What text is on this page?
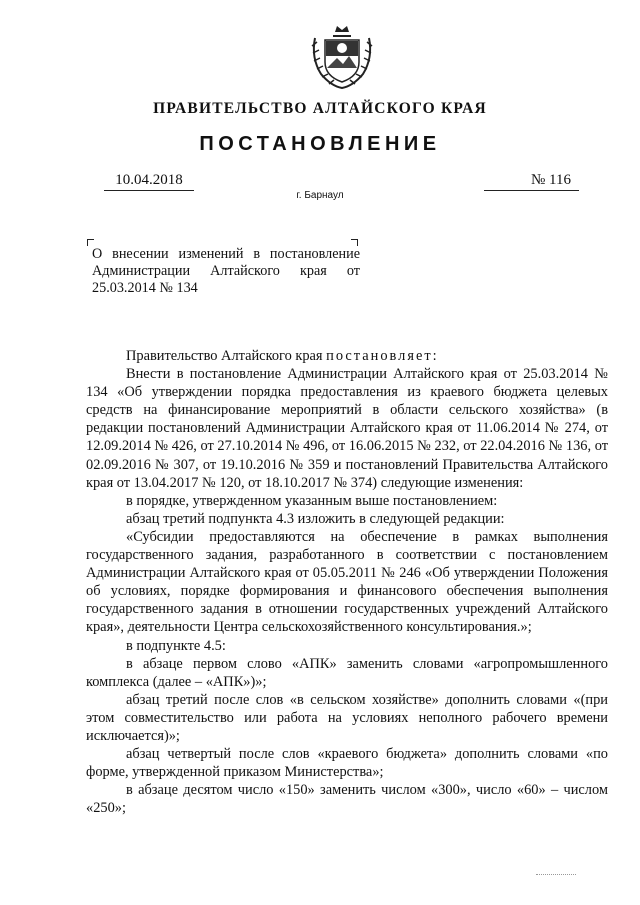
ПРАВИТЕЛЬСТВО АЛТАЙСКОГО КРАЯ
ПОСТАНОВЛЕНИЕ
10.04.2018	№ 116
г. Барнаул
О внесении изменений в постановление Администрации Алтайского края от 25.03.2014 № 134

Правительство Алтайского края постановляет:

Внести в постановление Администрации Алтайского края от 25.03.2014 № 134 «Об утверждении порядка предоставления из краевого бюджета целевых средств на финансирование мероприятий в области сельского хозяйства» (в редакции постановлений Администрации Алтайского края от 11.06.2014 № 274, от 12.09.2014 № 426, от 27.10.2014 № 496, от 16.06.2015 № 232, от 22.04.2016 № 136, от 02.09.2016 № 307, от 19.10.2016 № 359 и постановлений Правительства Алтайского края от 13.04.2017 № 120, от 18.10.2017 № 374) следующие изменения:

в порядке, утвержденном указанным выше постановлением:

абзац третий подпункта 4.3 изложить в следующей редакции:

«Субсидии предоставляются на обеспечение в рамках выполнения государственного задания, разработанного в соответствии с постановлением Администрации Алтайского края от 05.05.2011 № 246 «Об утверждении Положения об условиях, порядке формирования и финансового обеспечения выполнения государственного задания в отношении государственных учреждений Алтайского края», деятельности Центра сельскохозяйственного консультирования.»;

в подпункте 4.5:

в абзаце первом слово «АПК» заменить словами «агропромышленного комплекса (далее – «АПК»)»;

абзац третий после слов «в сельском хозяйстве» дополнить словами «(при этом совместительство или работа на условиях неполного рабочего времени исключается)»;

абзац четвертый после слов «краевого бюджета» дополнить словами «по форме, утвержденной приказом Министерства»;

в абзаце десятом число «150» заменить числом «300», число «60» – числом «250»;
